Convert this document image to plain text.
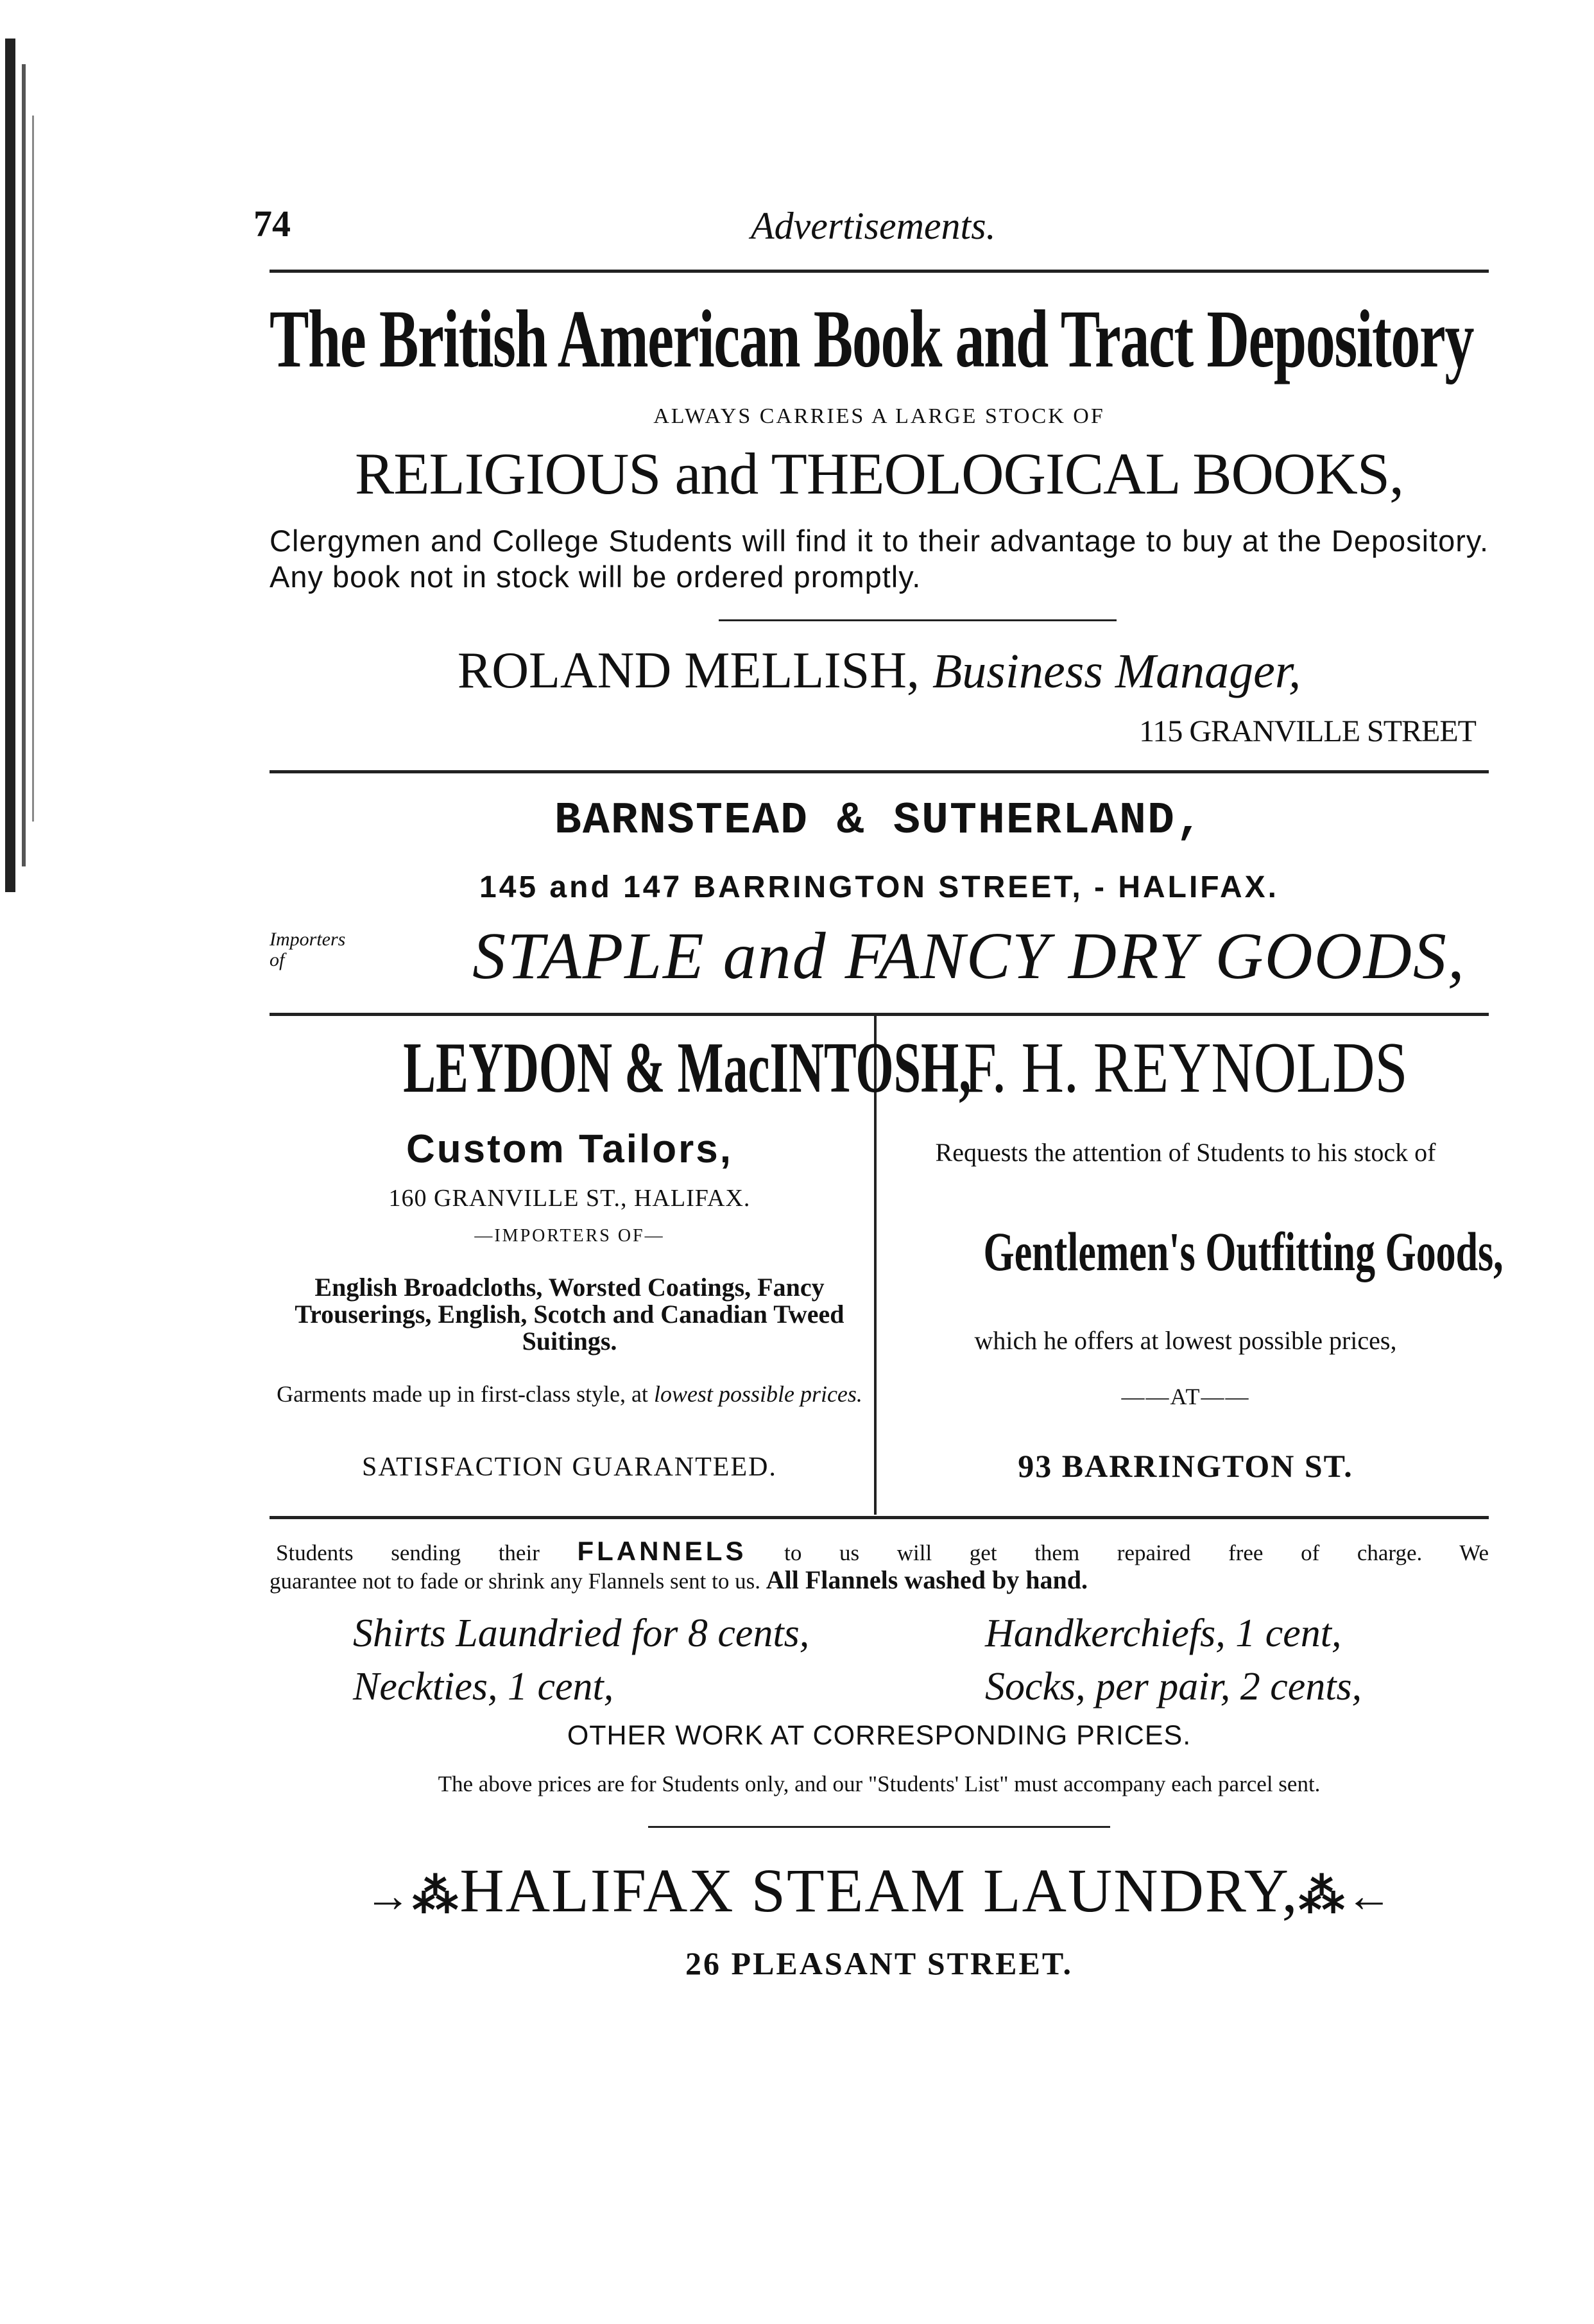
74	Advertisements.
The British American Book and Tract Depository
ALWAYS CARRIES A LARGE STOCK OF
RELIGIOUS and THEOLOGICAL BOOKS,
Clergymen and College Students will find it to their advantage to buy at the Depository. Any book not in stock will be ordered promptly.
ROLAND MELLISH, Business Manager,
115 GRANVILLE STREET
BARNSTEAD & SUTHERLAND,
145 and 147 BARRINGTON STREET, - HALIFAX.
Importers
of	STAPLE and FANCY DRY GOODS,
LEYDON & MacINTOSH,
Custom Tailors,
160 GRANVILLE ST., HALIFAX.
—IMPORTERS OF—
English Broadcloths, Worsted Coatings, Fancy Trouserings, English, Scotch and Canadian Tweed Suitings.
Garments made up in first-class style, at lowest possible prices.
SATISFACTION GUARANTEED.
F. H. REYNOLDS
Requests the attention of Students to his stock of
Gentlemen's Outfitting Goods,
which he offers at lowest possible prices,
——AT——
93 BARRINGTON ST.
Students sending their FLANNELS to us will get them repaired free of charge. We
guarantee not to fade or shrink any Flannels sent to us. All Flannels washed by hand.
Shirts Laundried for 8 cents,	Handkerchiefs, 1 cent,
Neckties, 1 cent,	Socks, per pair, 2 cents,
OTHER WORK AT CORRESPONDING PRICES.
The above prices are for Students only, and our "Students' List" must accompany each parcel sent.
→⁂HALIFAX STEAM LAUNDRY,⁂←
26 PLEASANT STREET.
